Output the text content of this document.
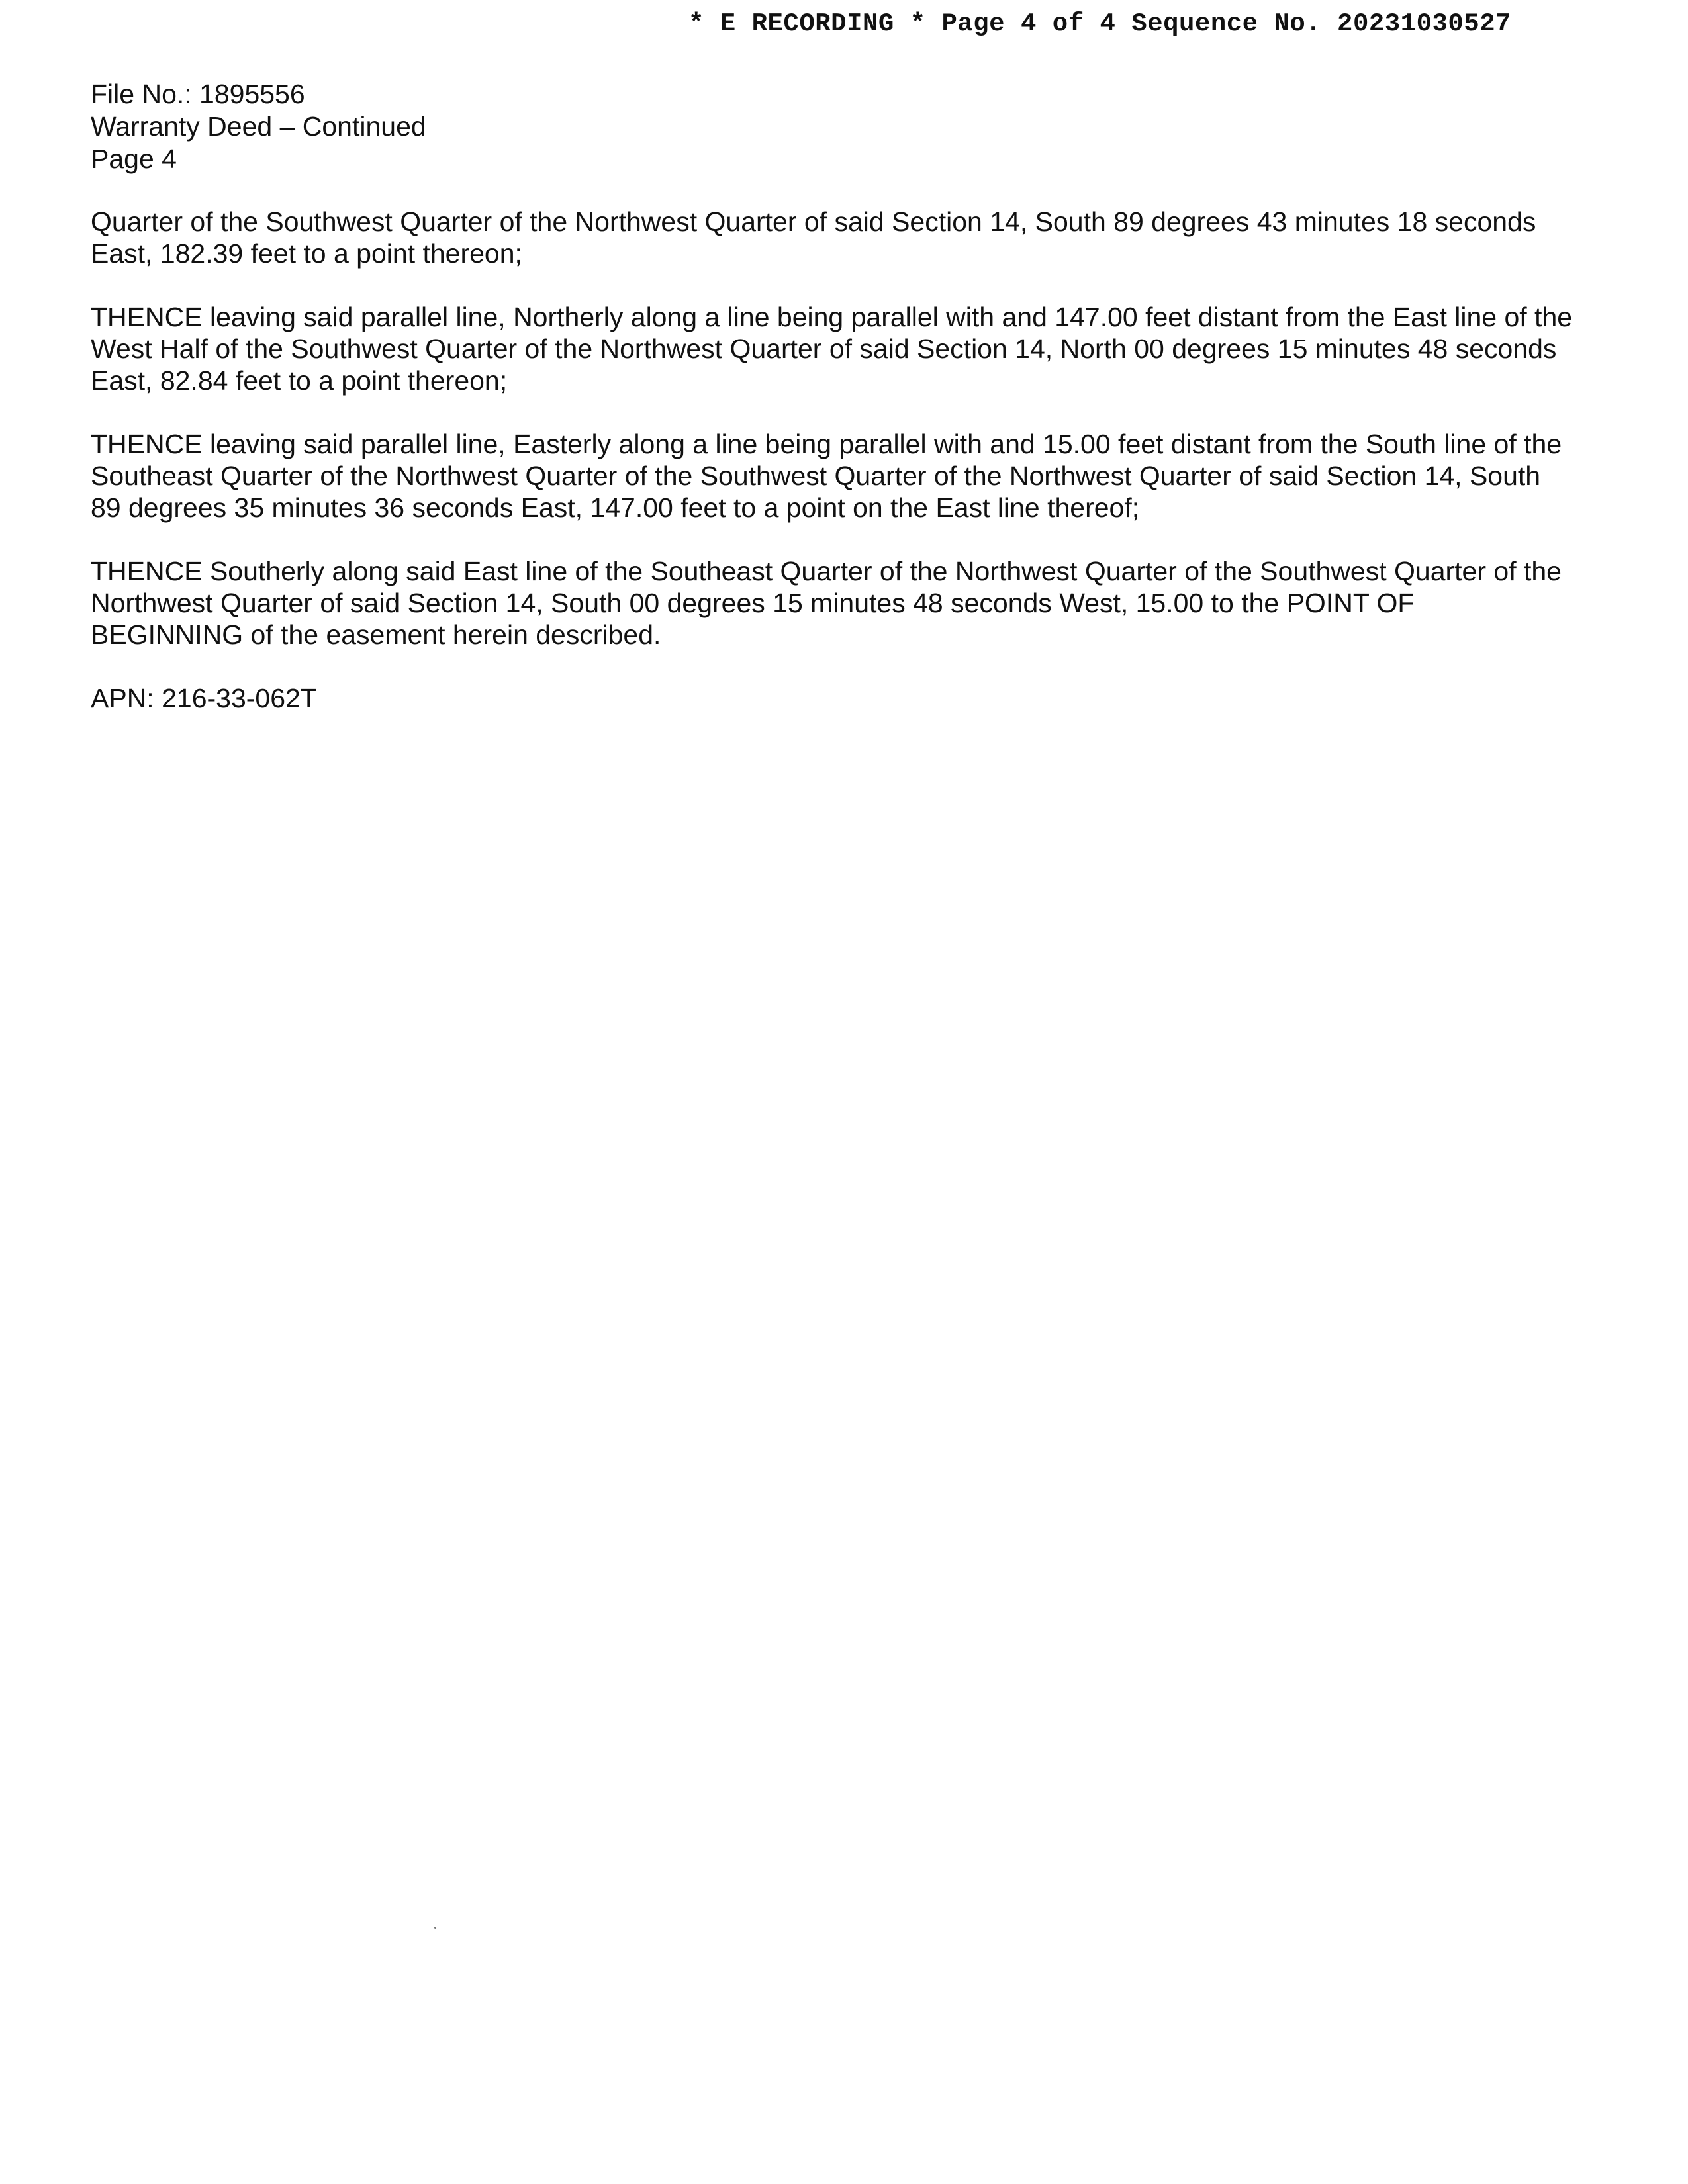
* E RECORDING * Page 4 of 4 Sequence No. 20231030527
File No.: 1895556
Warranty Deed – Continued
Page 4

Quarter of the Southwest Quarter of the Northwest Quarter of said Section 14, South 89 degrees 43 minutes 18 seconds East, 182.39 feet to a point thereon;

THENCE leaving said parallel line, Northerly along a line being parallel with and 147.00 feet distant from the East line of the West Half of the Southwest Quarter of the Northwest Quarter of said Section 14, North 00 degrees 15 minutes 48 seconds East, 82.84 feet to a point thereon;

THENCE leaving said parallel line, Easterly along a line being parallel with and 15.00 feet distant from the South line of the Southeast Quarter of the Northwest Quarter of the Southwest Quarter of the Northwest Quarter of said Section 14, South 89 degrees 35 minutes 36 seconds East, 147.00 feet to a point on the East line thereof;

THENCE Southerly along said East line of the Southeast Quarter of the Northwest Quarter of the Southwest Quarter of the Northwest Quarter of said Section 14, South 00 degrees 15 minutes 48 seconds West, 15.00 to the POINT OF BEGINNING of the easement herein described.

APN: 216-33-062T
